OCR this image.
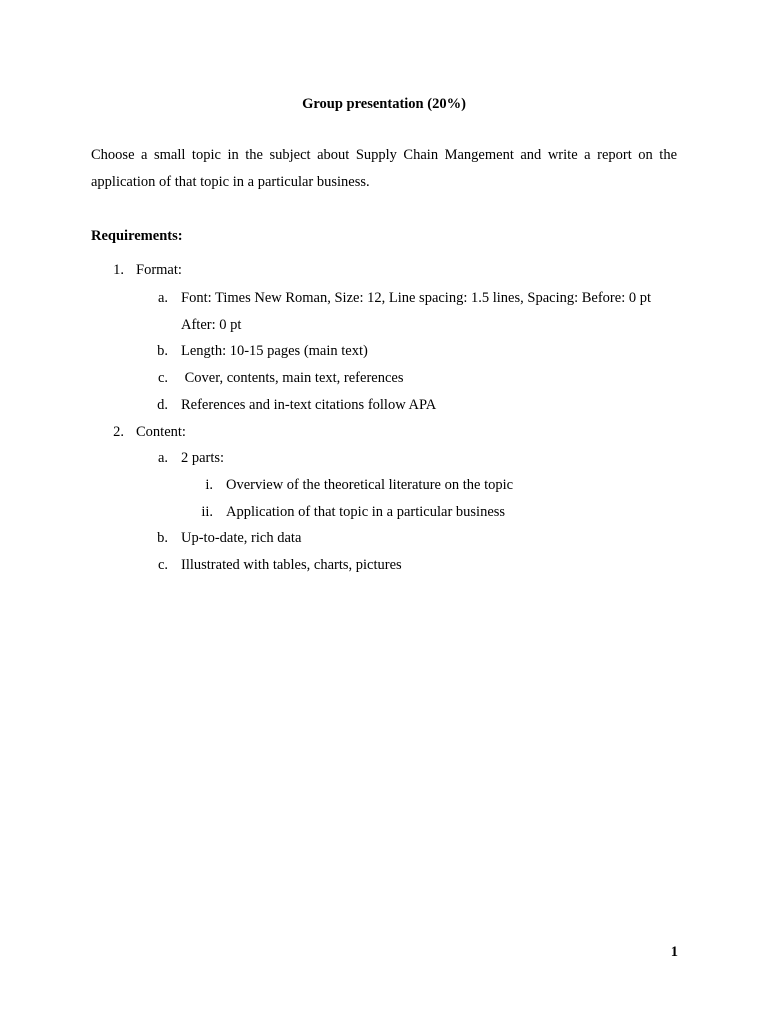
Group presentation (20%)
Choose a small topic in the subject about Supply Chain Mangement and write a report on the application of that topic in a particular business.
Requirements:
1. Format:
a. Font: Times New Roman, Size: 12, Line spacing: 1.5 lines, Spacing: Before: 0 pt
After: 0 pt
b. Length: 10-15 pages (main text)
c. Cover, contents, main text, references
d. References and in-text citations follow APA
2. Content:
a. 2 parts:
i. Overview of the theoretical literature on the topic
ii. Application of that topic in a particular business
b. Up-to-date, rich data
c. Illustrated with tables, charts, pictures
1
